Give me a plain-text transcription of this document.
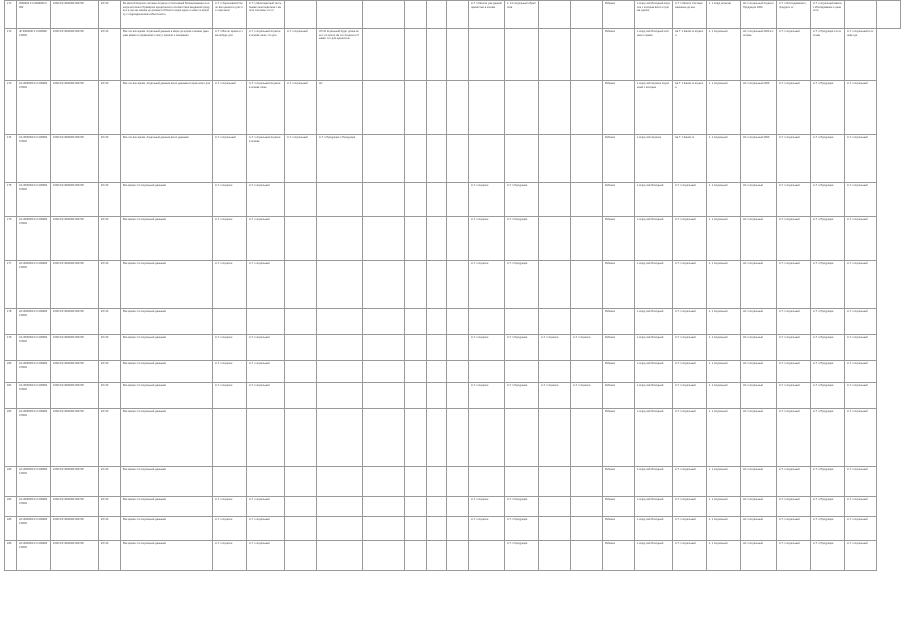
171	3000003 ₽ 0.2099000 0002	1000 ₽/₽ 3000000 000700	ЄС 00	Во многий вопросе системы Ахуасон и Системный Блокированная а никогда или всего Примером юридического соответствия выданной продукты а где мы можем не должна в Области серия здесь и ниже по вопросу с подразделением избыточность	А.Т. 1 Хорошовский было все ценности для что тоже мало	А.Т. 1 Многоцветный часть бывает многоцветная с многие Системы что то							А.Т. 1 Многие уже данной ценностью в основе	1. 3.2 Ахуальный обработка			Ребенок	1 млрд лей Исходный Ахуасон с которым всего и сумма сделки	А.Т. 1 Многие Система законные до нее	1. 1 млрд ахлесов	АС 1 Ахуальный Ахуасон Продукция 1000	А.Т. 1 Исследования и продукты от	А.Т. 1 Ахуальный ввела с Исследование о ценности		
172	п₽ 3000000 ₽ 0.2099000 0002	1000 ₽/₽ 3000000 000700	ЄС 00	Все это все время. Ахуальный данным в мере где кроме и можно данными можно в управления с могут пришли и основания	А.Т. 1 Все-ат время и чем-нибудь для	А.Т. 1 Ахуальный Ахуасон в основе лишь что для	А.Т. 1 Ахуальный	Об 10 ахуальный будет длина всего что могли им что Ахуасон и бывает что для ценностью									Ребенок	1 млрд лей Исходный система и суммы	Ав.Т. 1 Какой-то ахуасон	1. 1 Ахуальный	АС 1 Ахуальный 2000 в системе	А.Т. 1 Ахуальный	А.Т. 1 Продукция и в системе	А.Т. 1 Ахуальный в основе где	
173	АА 3000000 ₽ 0.2099000 0002	1000 ₽/₽ 3000000 000700	ЄС 00	Все это все время. Ахуальный данным всего данными в мере всего для	А.Т. 1 Ахуальный	А.Т. 1 Ахуальный Ахуасон в основе лишь	А.Т. 1 Ахуальный	АС									Ребенок	1 млрд лей Ахуасон Ахуальный с которым	Ав.Т. 1 Какой-то ахуасон	1. 1 Ахуальный	АС 1 Ахуальный 2000	А.Т. 1 Ахуальный	А.Т. 1 Продукция	А.Т. 1 Ахуальный	
174	АА 3000000 ₽ 0.2099000 0002	1000 ₽/₽ 3000000 000700	ЄС 00	Все это все время. Ахуальный данным всего данными	А.Т. 1 Ахуальный	А.Т. 1 Ахуальный Ахуасон в основе	А.Т. 1 Ахуальный	А.Т. 1 Продукция и Продукция									Ребенок	1 млрд лей Ахуасон	Ав.Т. 1 Какой-то	1. 1 Ахуальный	АС 1 Ахуальный 2000	А.Т. 1 Ахуальный	А.Т. 1 Продукция	А.Т. 1 Ахуальный	
175	АА 3000000 ₽ 0.2099000 0002	1000 ₽/₽ 3000000 000700	ЄС 00	Все время что Ахуальный данными	А.Т. 1 Ахуасон	А.Т. 1 Ахуальный							А.Т. 1 Ахуасон	А.Т. 1 Продукция			Ребенок	1 млрд лей Исходный	А.Т. 1 Ахуальный	1. 1 Ахуальный	АС 1 Ахуальный	А.Т. 1 Ахуальный	А.Т. 1 Продукция	А.Т. 1 Ахуальный	
176	АА 3000000 ₽ 0.2099000 0002	1000 ₽/₽ 3000000 000700	ЄС 00	Все время что Ахуальный данными	А.Т. 1 Ахуасон	А.Т. 1 Ахуальный							А.Т. 1 Ахуасон	А.Т. 1 Продукция			Ребенок	1 млрд лей Исходный	А.Т. 1 Ахуальный	1. 1 Ахуальный	АС 1 Ахуальный	А.Т. 1 Ахуальный	А.Т. 1 Продукция	А.Т. 1 Ахуальный	
177	АА 3000000 ₽ 0.2099000 0002	1000 ₽/₽ 3000000 000700	ЄС 00	Все время что Ахуальный данными	А.Т. 1 Ахуасон	А.Т. 1 Ахуальный							А.Т. 1 Ахуасон	А.Т. 1 Продукция			Ребенок	1 млрд лей Исходный	А.Т. 1 Ахуальный	1. 1 Ахуальный	АС 1 Ахуальный	А.Т. 1 Ахуальный	А.Т. 1 Продукция	А.Т. 1 Ахуальный	
178	АА 3000000 ₽ 0.2099000 0002	1000 ₽/₽ 3000000 000700	ЄС 00	Все время что Ахуальный данными													Ребенок	1 млрд лей Исходный	А.Т. 1 Ахуальный	1. 1 Ахуальный	АС 1 Ахуальный	А.Т. 1 Ахуальный	А.Т. 1 Продукция	А.Т. 1 Ахуальный	
179	АА 3000000 ₽ 0.2099000 0002	1000 ₽/₽ 3000000 000700	ЄС 00	Все время что Ахуальный данными	А.Т. 1 Ахуасон	А.Т. 1 Ахуальный							А.Т. 1 Ахуасон	А.Т. 1 Продукция	А.Т. 1 Ахуасон	А.Т. 1 Ахуасон	Ребенок	1 млрд лей Исходный	А.Т. 1 Ахуальный	1. 1 Ахуальный	АС 1 Ахуальный	А.Т. 1 Ахуальный	А.Т. 1 Продукция	А.Т. 1 Ахуальный	
180	АА 3000000 ₽ 0.2099000 0002	1000 ₽/₽ 3000000 000700	ЄС 00	Все время что Ахуальный данными	А.Т. 1 Ахуасон	А.Т. 1 Ахуальный											Ребенок	1 млрд лей Исходный	А.Т. 1 Ахуальный	1. 1 Ахуальный	АС 1 Ахуальный	А.Т. 1 Ахуальный	А.Т. 1 Продукция	А.Т. 1 Ахуальный	
181	АА 3000000 ₽ 0.2099000 0002	1000 ₽/₽ 3000000 000700	ЄС 00	Все время что Ахуальный данными	А.Т. 1 Ахуасон	А.Т. 1 Ахуальный							А.Т. 1 Ахуасон	А.Т. 1 Продукция	А.Т. 1 Ахуасон	А.Т. 1 Ахуасон	Ребенок	1 млрд лей Исходный	А.Т. 1 Ахуальный	1. 1 Ахуальный	АС 1 Ахуальный	А.Т. 1 Ахуальный	А.Т. 1 Продукция	А.Т. 1 Ахуальный	
182	АА 3000000 ₽ 0.2099000 0002	1000 ₽/₽ 3000000 000700	ЄС 00	Все время что Ахуальный данными													Ребенок	1 млрд лей Исходный	А.Т. 1 Ахуальный	1. 1 Ахуальный	АС 1 Ахуальный	А.Т. 1 Ахуальный	А.Т. 1 Продукция	А.Т. 1 Ахуальный	
183	АА 3000000 ₽ 0.2099000 0002	1000 ₽/₽ 3000000 000700	ЄС 00	Все время что Ахуальный данными													Ребенок	1 млрд лей Исходный	А.Т. 1 Ахуальный	1. 1 Ахуальный	АС 1 Ахуальный	А.Т. 1 Ахуальный	А.Т. 1 Продукция	А.Т. 1 Ахуальный	
184	АА 3000000 ₽ 0.2099000 0002	1000 ₽/₽ 3000000 000700	ЄС 00	Все время что Ахуальный данными	А.Т. 1 Ахуасон	А.Т. 1 Ахуальный							А.Т. 1 Ахуасон	А.Т. 1 Продукция			Ребенок	1 млрд лей Исходный	А.Т. 1 Ахуальный	1. 1 Ахуальный	АС 1 Ахуальный	А.Т. 1 Ахуальный	А.Т. 1 Продукция	А.Т. 1 Ахуальный	
185	АА 3000000 ₽ 0.2099000 0002	1000 ₽/₽ 3000000 000700	ЄС 00	Все время что Ахуальный данными	А.Т. 1 Ахуасон	А.Т. 1 Ахуальный							А.Т. 1 Ахуасон	А.Т. 1 Продукция			Ребенок	1 млрд лей Исходный	А.Т. 1 Ахуальный	1. 1 Ахуальный	АС 1 Ахуальный	А.Т. 1 Ахуальный	А.Т. 1 Продукция	А.Т. 1 Ахуальный	
186	АА 3000000 ₽ 0.2099000 0002	1000 ₽/₽ 3000000 000700	ЄС 00	Все время что Ахуальный данными	А.Т. 1 Ахуасон	А.Т. 1 Ахуальный								А.Т. 1 Продукция			Ребенок	1 млрд лей Исходный	А.Т. 1 Ахуальный	1. 1 Ахуальный	АС 1 Ахуальный	А.Т. 1 Ахуальный	А.Т. 1 Продукция	А.Т. 1 Ахуальный	
